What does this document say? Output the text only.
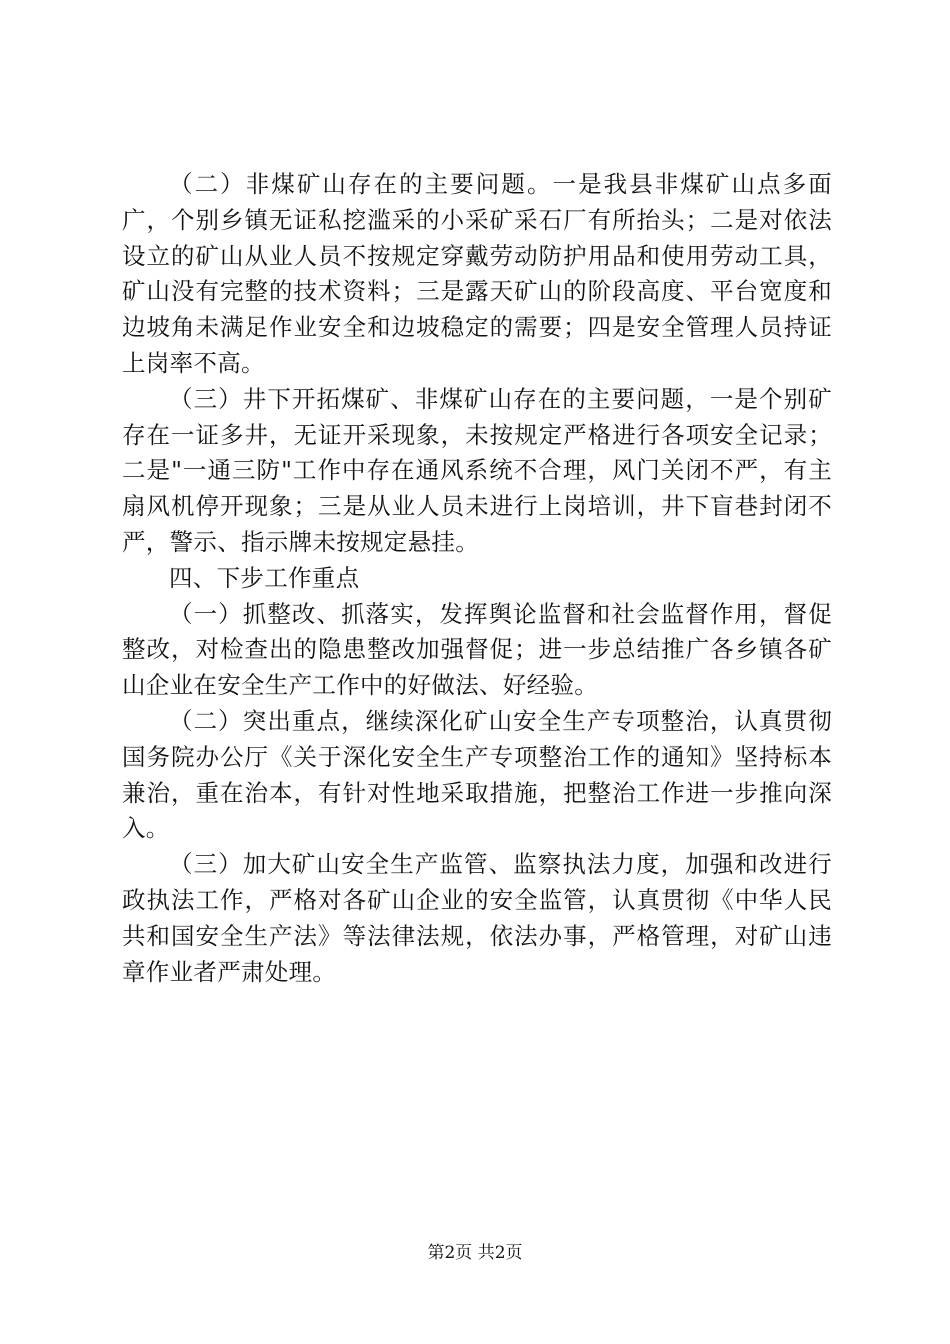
（二）非煤矿山存在的主要问题。一是我县非煤矿山点多面广，个别乡镇无证私挖滥采的小采矿采石厂有所抬头；二是对依法设立的矿山从业人员不按规定穿戴劳动防护用品和使用劳动工具，矿山没有完整的技术资料；三是露天矿山的阶段高度、平台宽度和边坡角未满足作业安全和边坡稳定的需要；四是安全管理人员持证上岗率不高。

（三）井下开拓煤矿、非煤矿山存在的主要问题，一是个别矿存在一证多井，无证开采现象，未按规定严格进行各项安全记录；二是"一通三防"工作中存在通风系统不合理，风门关闭不严，有主扇风机停开现象；三是从业人员未进行上岗培训，井下盲巷封闭不严，警示、指示牌未按规定悬挂。

四、下步工作重点

（一）抓整改、抓落实，发挥舆论监督和社会监督作用，督促整改，对检查出的隐患整改加强督促；进一步总结推广各乡镇各矿山企业在安全生产工作中的好做法、好经验。

（二）突出重点，继续深化矿山安全生产专项整治，认真贯彻国务院办公厅《关于深化安全生产专项整治工作的通知》坚持标本兼治，重在治本，有针对性地采取措施，把整治工作进一步推向深入。

（三）加大矿山安全生产监管、监察执法力度，加强和改进行政执法工作，严格对各矿山企业的安全监管，认真贯彻《中华人民共和国安全生产法》等法律法规，依法办事，严格管理，对矿山违章作业者严肃处理。

第2页 共2页
